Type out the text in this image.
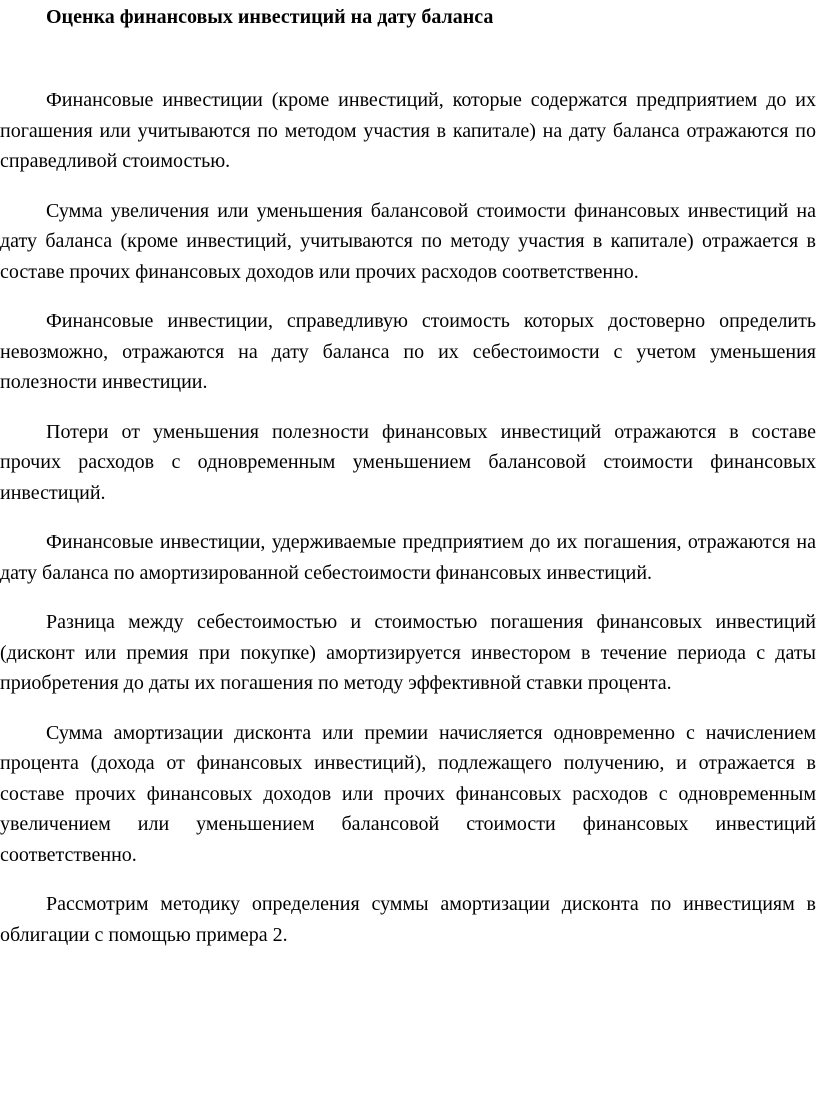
Оценка финансовых инвестиций на дату баланса

Финансовые инвестиции (кроме инвестиций, которые содержатся предприятием до их погашения или учитываются по методом участия в капитале) на дату баланса отражаются по справедливой стоимостью.

Сумма увеличения или уменьшения балансовой стоимости финансовых инвестиций на дату баланса (кроме инвестиций, учитываются по методу участия в капитале) отражается в составе прочих финансовых доходов или прочих расходов соответственно.

Финансовые инвестиции, справедливую стоимость которых достоверно определить невозможно, отражаются на дату баланса по их себестоимости с учетом уменьшения полезности инвестиции.

Потери от уменьшения полезности финансовых инвестиций отражаются в составе прочих расходов с одновременным уменьшением балансовой стоимости финансовых инвестиций.

Финансовые инвестиции, удерживаемые предприятием до их погашения, отражаются на дату баланса по амортизированной себестоимости финансовых инвестиций.

Разница между себестоимостью и стоимостью погашения финансовых инвестиций (дисконт или премия при покупке) амортизируется инвестором в течение периода с даты приобретения до даты их погашения по методу эффективной ставки процента.

Сумма амортизации дисконта или премии начисляется одновременно с начислением процента (дохода от финансовых инвестиций), подлежащего получению, и отражается в составе прочих финансовых доходов или прочих финансовых расходов с одновременным увеличением или уменьшением балансовой стоимости финансовых инвестиций соответственно.

Рассмотрим методику определения суммы амортизации дисконта по инвестициям в облигации с помощью примера 2.
